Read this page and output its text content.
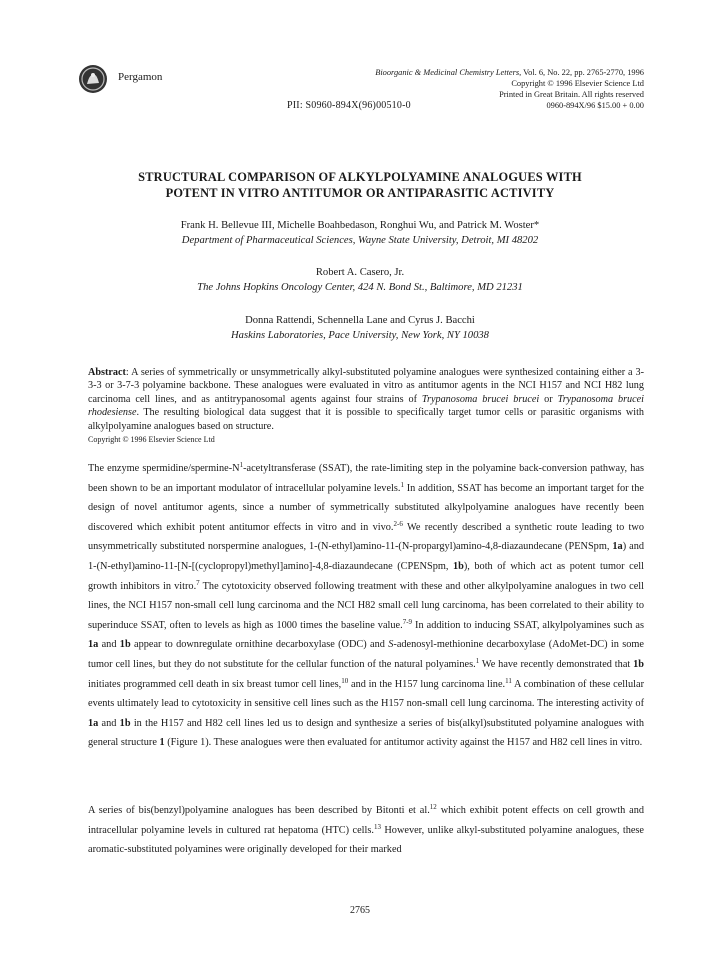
Pergamon	Bioorganic & Medicinal Chemistry Letters, Vol. 6, No. 22, pp. 2765-2770, 1996
Copyright © 1996 Elsevier Science Ltd
Printed in Great Britain. All rights reserved
0960-894X/96 $15.00 + 0.00
PII: S0960-894X(96)00510-0
STRUCTURAL COMPARISON OF ALKYLPOLYAMINE ANALOGUES WITH
POTENT IN VITRO ANTITUMOR OR ANTIPARASITIC ACTIVITY
Frank H. Bellevue III, Michelle Boahbedason, Ronghui Wu, and Patrick M. Woster*
Department of Pharmaceutical Sciences, Wayne State University, Detroit, MI 48202
Robert A. Casero, Jr.
The Johns Hopkins Oncology Center, 424 N. Bond St., Baltimore, MD 21231
Donna Rattendi, Schennella Lane and Cyrus J. Bacchi
Haskins Laboratories, Pace University, New York, NY 10038
Abstract: A series of symmetrically or unsymmetrically alkyl-substituted polyamine analogues were synthesized containing either a 3-3-3 or 3-7-3 polyamine backbone. These analogues were evaluated in vitro as antitumor agents in the NCI H157 and NCI H82 lung carcinoma cell lines, and as antitrypanosomal agents against four strains of Trypanosoma brucei brucei or Trypanosoma brucei rhodesiense. The resulting biological data suggest that it is possible to specifically target tumor cells or parasitic organisms with alkylpolyamine analogues based on structure.
Copyright © 1996 Elsevier Science Ltd

The enzyme spermidine/$spermine-N^1$-acetyltransferase (SSAT), the rate-limiting step in the polyamine back-conversion pathway, has been shown to be an important modulator of intracellular polyamine levels.$^1$ In addition, SSAT has become an important target for the design of novel antitumor agents, since a number of symmetrically substituted alkylpolyamine analogues have recently been discovered which exhibit potent antitumor effects in vitro and in vivo.$^{2-6}$ We recently described a synthetic route leading to two unsymmetrically substituted norspermine analogues, 1-(N-ethyl)amino-11-(N-propargyl)amino-4,8-diazaundecane (PENSpm, 1a) and 1-(N-ethyl)amino-11-[N-[(cyclopropyl)methyl]amino]-4,8-diazaundecane (CPENSpm, 1b), both of which act as potent tumor cell growth inhibitors in vitro.$^7$ The cytotoxicity observed following treatment with these and other alkylpolyamine analogues in two cell lines, the NCI H157 non-small cell lung carcinoma and the NCI H82 small cell lung carcinoma, has been correlated to their ability to superinduce SSAT, often to levels as high as 1000 times the baseline value.$^{7-9}$ In addition to inducing SSAT, alkylpolyamines such as 1a and 1b appear to downregulate ornithine decarboxylase (ODC) and S-adenosyl-methionine decarboxylase (AdoMet-DC) in some tumor cell lines, but they do not substitute for the cellular function of the natural polyamines.$^1$ We have recently demonstrated that 1b initiates programmed cell death in six breast tumor cell lines,$^{10}$ and in the H157 lung carcinoma line.$^{11}$ A combination of these cellular events ultimately lead to cytotoxicity in sensitive cell lines such as the H157 non-small cell lung carcinoma. The interesting activity of 1a and 1b in the H157 and H82 cell lines led us to design and synthesize a series of bis(alkyl)substituted polyamine analogues with general structure 1 (Figure 1). These analogues were then evaluated for antitumor activity against the H157 and H82 cell lines in vitro.

A series of bis(benzyl)polyamine analogues has been described by Bitonti et al.$^{12}$ which exhibit potent effects on cell growth and intracellular polyamine levels in cultured rat hepatoma (HTC) cells.$^{13}$ However, unlike alkyl-substituted polyamine analogues, these aromatic-substituted polyamines were originally developed for their marked

2765
